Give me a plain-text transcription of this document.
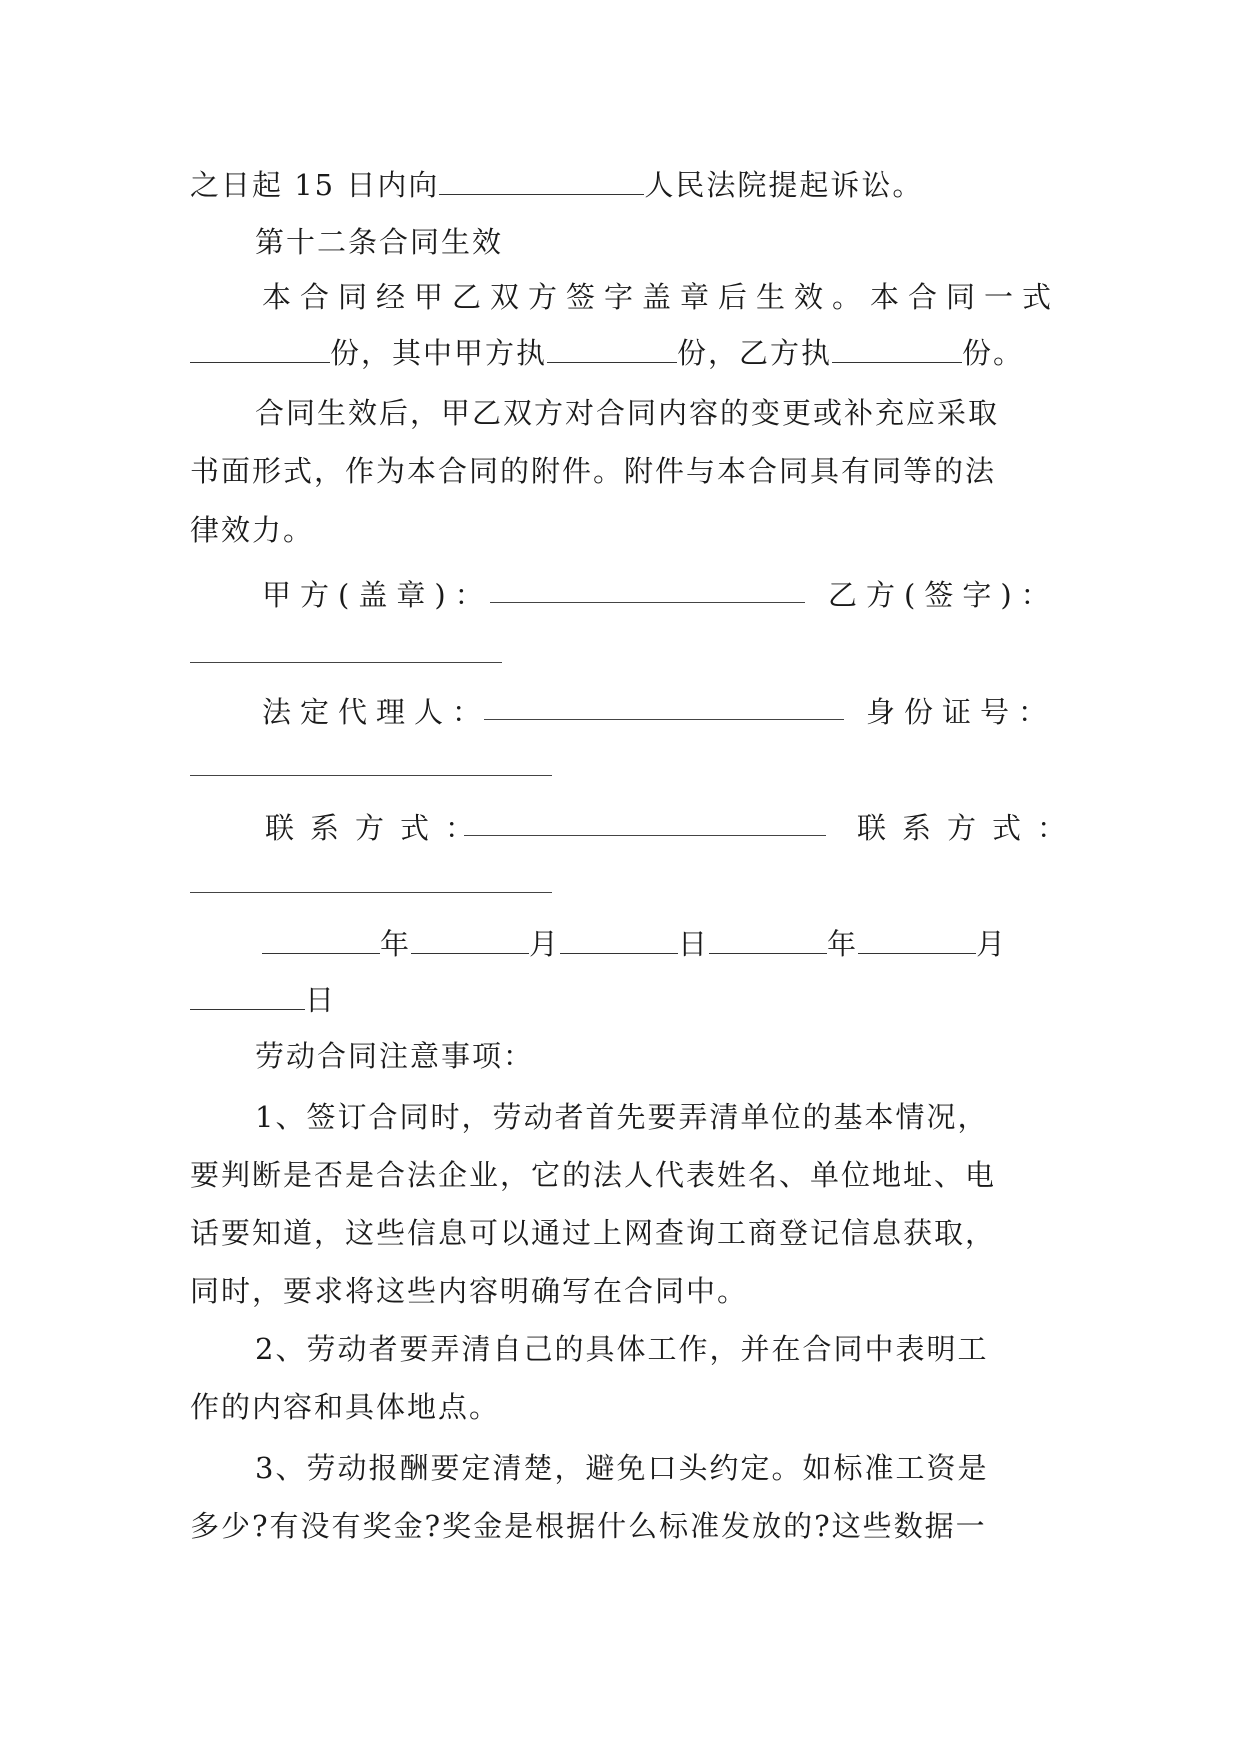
之日起 15 日内向	人民法院提起诉讼。
第十二条合同生效
本合同经甲乙双方签字盖章后生效。本合同一式
份，其中甲方执	份，乙方执	份。
合同生效后，甲乙双方对合同内容的变更或补充应采取
书面形式，作为本合同的附件。附件与本合同具有同等的法
律效力。
甲方(盖章)：	乙方(签字)：
法定代理人：	身份证号：
联系方式：	联系方式：
年	月	日	年	月
日
劳动合同注意事项：
1、签订合同时，劳动者首先要弄清单位的基本情况，
要判断是否是合法企业，它的法人代表姓名、单位地址、电
话要知道，这些信息可以通过上网查询工商登记信息获取，
同时，要求将这些内容明确写在合同中。
2、劳动者要弄清自己的具体工作，并在合同中表明工
作的内容和具体地点。
3、劳动报酬要定清楚，避免口头约定。如标准工资是
多少?有没有奖金?奖金是根据什么标准发放的?这些数据一
